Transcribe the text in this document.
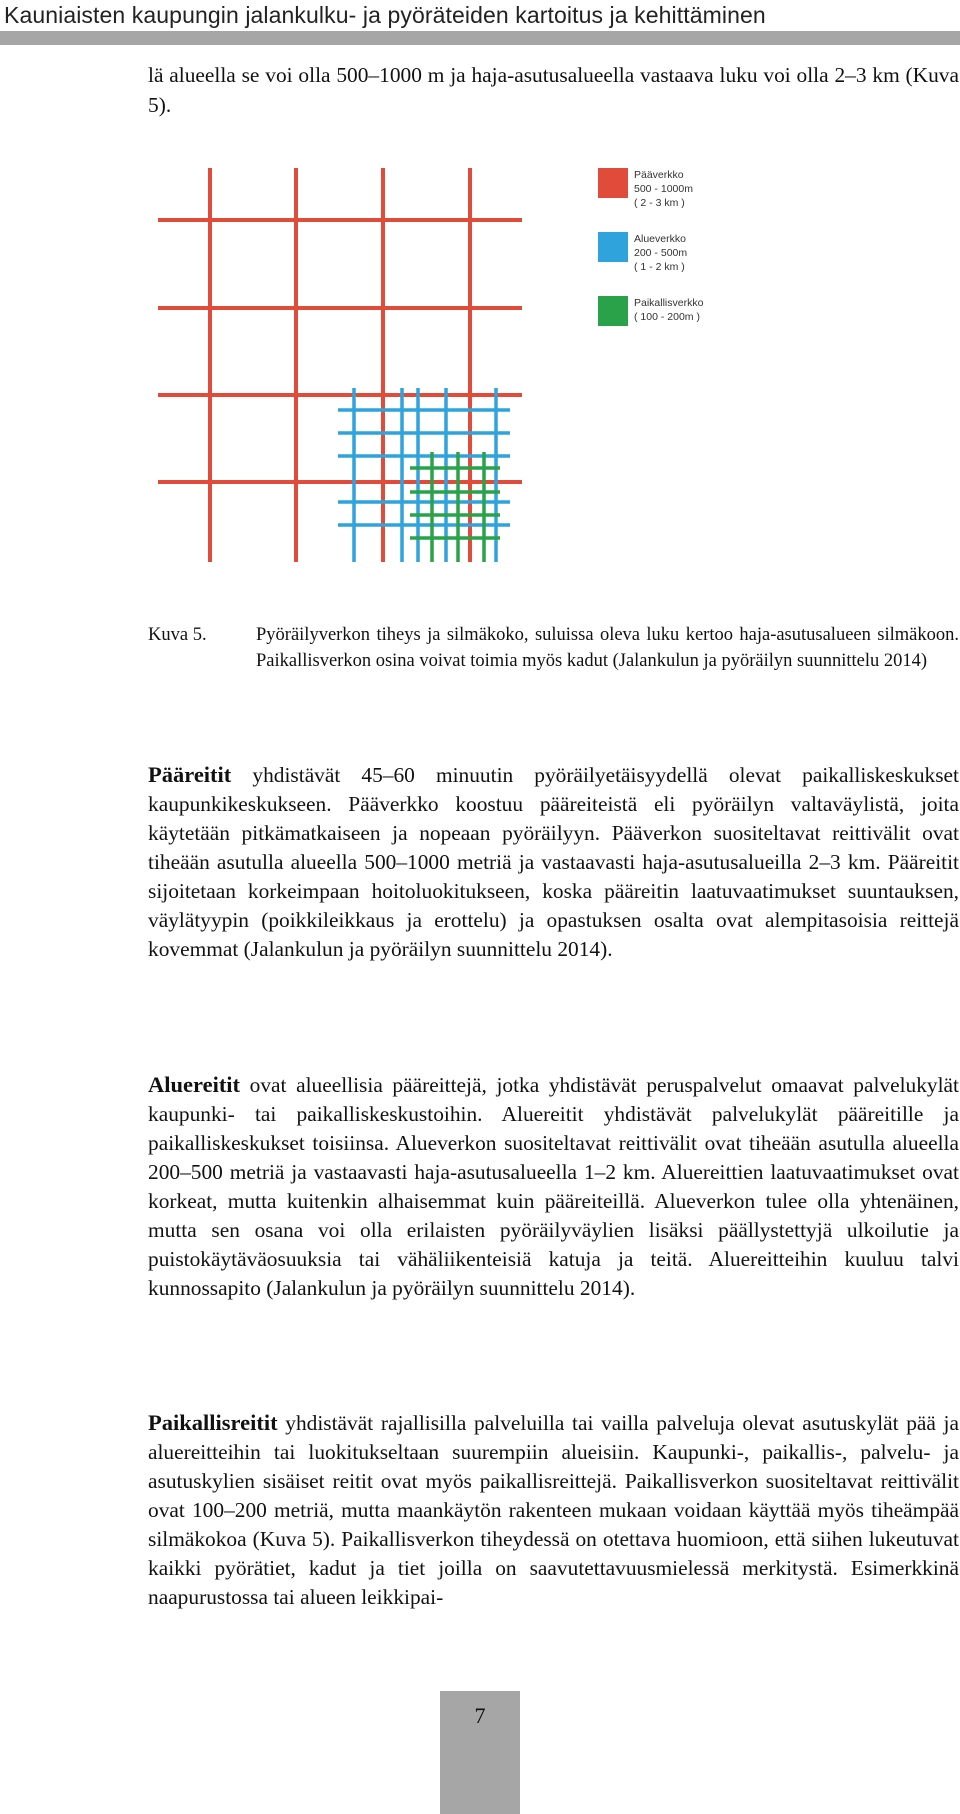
Kauniaisten kaupungin jalankulku- ja pyöräteiden kartoitus ja kehittäminen

lä alueella se voi olla 500–1000 m ja haja-asutusalueella vastaava luku voi olla 2–3 km (Kuva 5).

Pääverkko
500 - 1000m
( 2 - 3 km )
Alueverkko
200 - 500m
( 1 - 2 km )
Paikallisverkko
( 100 - 200m )
Kuva 5.	Pyöräilyverkon tiheys ja silmäkoko, suluissa oleva luku kertoo haja-asutusalueen silmäkoon. Paikallisverkon osina voivat toimia myös kadut (Jalankulun ja pyöräilyn suunnittelu 2014)

Pääreitit yhdistävät 45–60 minuutin pyöräilyetäisyydellä olevat paikalliskeskukset kaupunkikeskukseen. Pääverkko koostuu pääreiteistä eli pyöräilyn valtaväylistä, joita käytetään pitkämatkaiseen ja nopeaan pyöräilyyn. Pääverkon suositeltavat reittivälit ovat tiheään asutulla alueella 500–1000 metriä ja vastaavasti haja-asutusalueilla 2–3 km. Pääreitit sijoitetaan korkeimpaan hoitoluokitukseen, koska pääreitin laatuvaatimukset suuntauksen, väylätyypin (poikkileikkaus ja erottelu) ja opastuksen osalta ovat alempitasoisia reittejä kovemmat (Jalankulun ja pyöräilyn suunnittelu 2014).

Aluereitit ovat alueellisia pääreittejä, jotka yhdistävät peruspalvelut omaavat palvelukylät kaupunki- tai paikalliskeskustoihin. Aluereitit yhdistävät palvelukylät pääreitille ja paikalliskeskukset toisiinsa. Alueverkon suositeltavat reittivälit ovat tiheään asutulla alueella 200–500 metriä ja vastaavasti haja-asutusalueella 1–2 km. Aluereittien laatuvaatimukset ovat korkeat, mutta kuitenkin alhaisemmat kuin pääreiteillä. Alueverkon tulee olla yhtenäinen, mutta sen osana voi olla erilaisten pyöräilyväylien lisäksi päällystettyjä ulkoilutie ja puistokäytäväosuuksia tai vähäliikenteisiä katuja ja teitä. Aluereitteihin kuuluu talvi kunnossapito (Jalankulun ja pyöräilyn suunnittelu 2014).

Paikallisreitit yhdistävät rajallisilla palveluilla tai vailla palveluja olevat asutuskylät pää ja aluereitteihin tai luokitukseltaan suurempiin alueisiin. Kaupunki-, paikallis-, palvelu- ja asutuskylien sisäiset reitit ovat myös paikallisreittejä. Paikallisverkon suositeltavat reittivälit ovat 100–200 metriä, mutta maankäytön rakenteen mukaan voidaan käyttää myös tiheämpää silmäkokoa (Kuva 5). Paikallisverkon tiheydessä on otettava huomioon, että siihen lukeutuvat kaikki pyörätiet, kadut ja tiet joilla on saavutettavuusmielessä merkitystä. Esimerkkinä naapurustossa tai alueen leikkipai-

7
